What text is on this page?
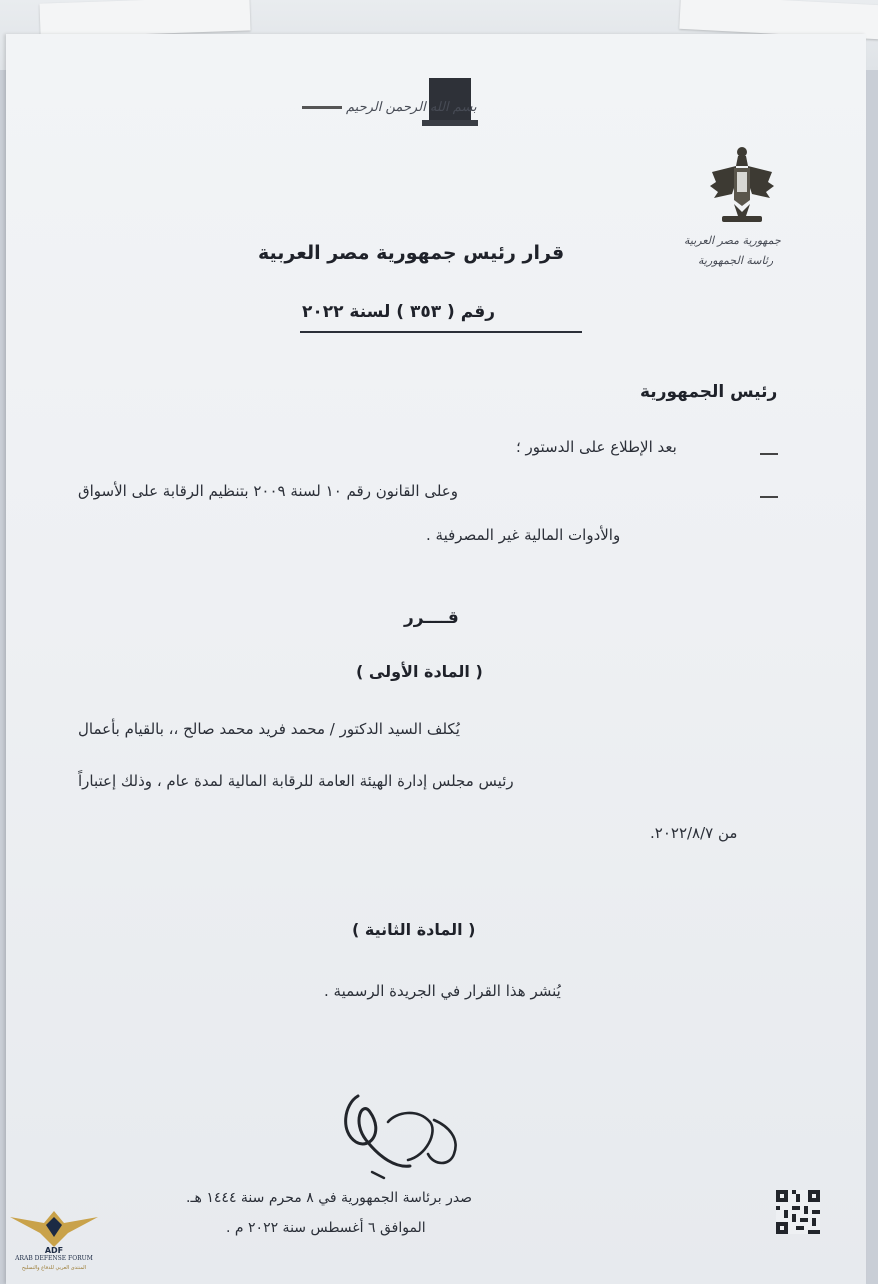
بسم الله الرحمن الرحيم
جمهورية مصر العربية
رئاسة الجمهورية
قرار رئيس جمهورية مصر العربية
رقم ( ٣٥٣ ) لسنة ٢٠٢٢
رئيس الجمهورية
بعد الإطلاع على الدستور ؛
وعلى القانون رقم ١٠ لسنة ٢٠٠٩ بتنظيم الرقابة على الأسواق
والأدوات المالية غير المصرفية .
قــــرر
( المادة الأولى )
يُكلف السيد الدكتور / محمد فريد محمد صالح ،، بالقيام بأعمال
رئيس مجلس إدارة الهيئة العامة للرقابة المالية لمدة عام ، وذلك إعتباراً
من ٢٠٢٢/٨/٧.
( المادة الثانية )
يُنشر هذا القرار في الجريدة الرسمية .
صدر برئاسة الجمهورية في ٨ محرم سنة ١٤٤٤ هـ.
الموافق ٦ أغسطس سنة ٢٠٢٢ م .
ADF
ARAB DEFENSE FORUM
المنتدى العربي للدفاع والتسليح
